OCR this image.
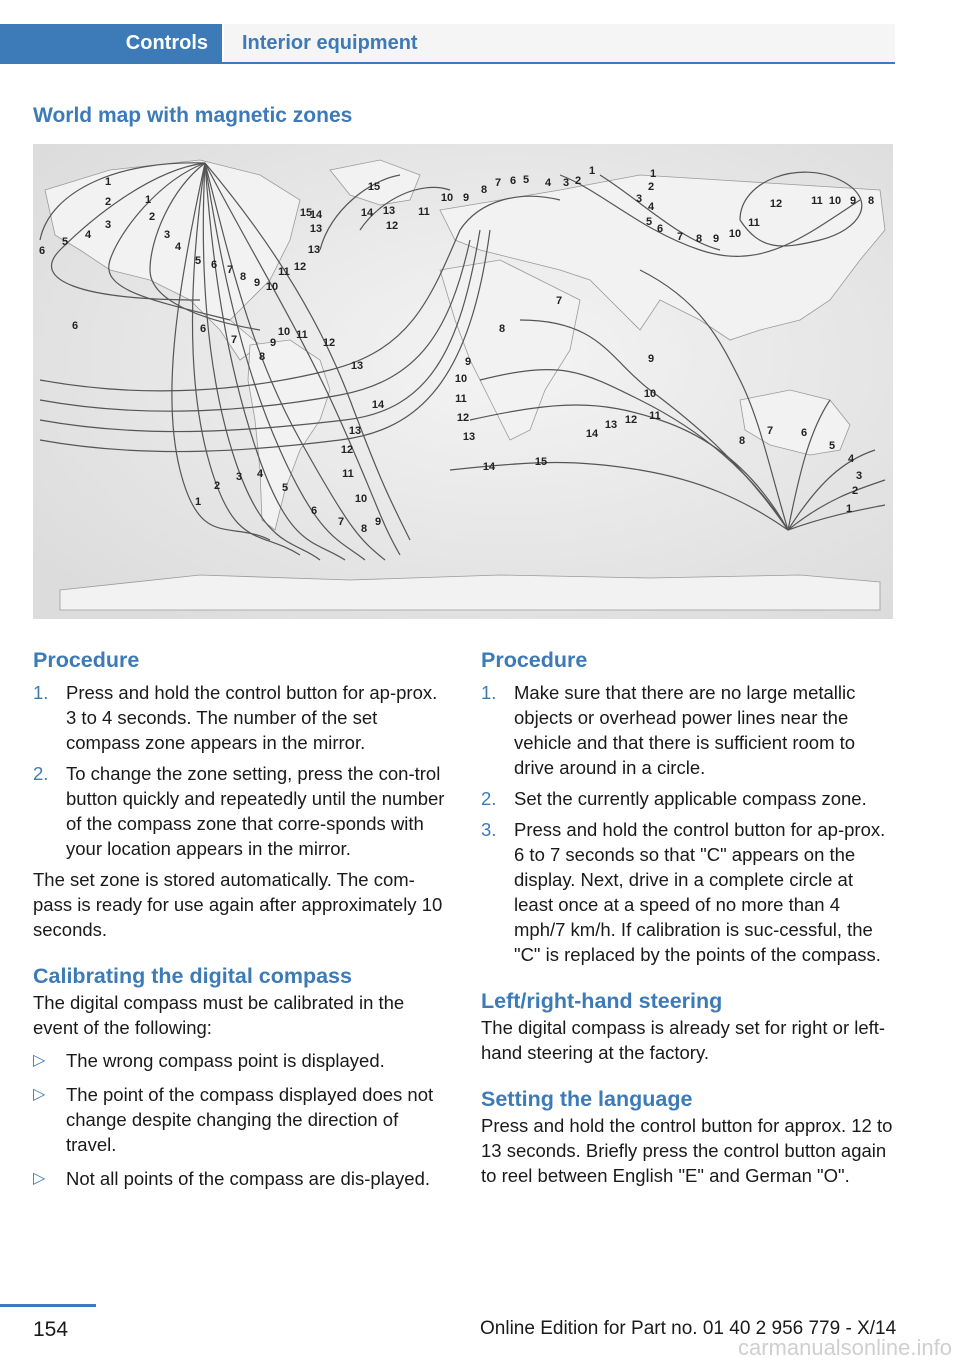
Controls	Interior equipment
World map with magnetic zones
1
2
3
1
2
3
4
5
6	4
5 6 7
8 9 10
11 12
13
13
14
15	14 13
12
15
11
10 9
8
7 6 5 4 3 2
1	1
2
3
4
5
6
7 8 9 10
11
12	11 10 9 8
6	6
7
8
9
10 11
12
13
14
13
12
11
10
9
8
7
6
5
4
3
2
1
7
8
9
10
11
12
13
14	15
14
13 12 11
10
9
8
7	6
5
4
3
2
1
Procedure
1. Press and hold the control button for ap‐prox. 3 to 4 seconds. The number of the set compass zone appears in the mirror.
2. To change the zone setting, press the con‐trol button quickly and repeatedly until the number of the compass zone that corre‐sponds with your location appears in the mirror.

The set zone is stored automatically. The com‐pass is ready for use again after approximately 10 seconds.

Calibrating the digital compass

The digital compass must be calibrated in the event of the following:

▷ The wrong compass point is displayed.
▷ The point of the compass displayed does not change despite changing the direction of travel.
▷ Not all points of the compass are dis‐played.
Procedure
1. Make sure that there are no large metallic objects or overhead power lines near the vehicle and that there is sufficient room to drive around in a circle.
2. Set the currently applicable compass zone.
3. Press and hold the control button for ap‐prox. 6 to 7 seconds so that "C" appears on the display. Next, drive in a complete circle at least once at a speed of no more than 4 mph/7 km/h. If calibration is suc‐cessful, the "C" is replaced by the points of the compass.
Left/right-hand steering

The digital compass is already set for right or left-hand steering at the factory.

Setting the language

Press and hold the control button for approx. 12 to 13 seconds. Briefly press the control button again to reel between English "E" and German "O".

154	Online Edition for Part no. 01 40 2 956 779 - X/14
carmanualsonline.info
